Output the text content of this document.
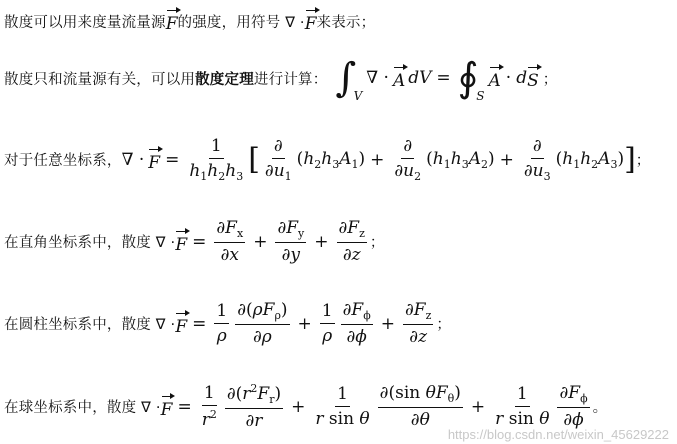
散度可以用来度量流量源 F 的强度，用符号 ∇ · F 来表示；
散度只和流量源有关，可以用 散度定理 进行计算： ∫
V
∇ · A dV = ∮
S
A · d S ；
对于任意坐标系， ∇ · $F = \frac{1}{h_1h_2h_3}$ [ $\frac{\partial}{\partial u_1} (h_2h_3A_1) + \frac{\partial}{\partial u_2} (h_1h_3A_2) + \frac{\partial}{\partial u_3} (h_1h_2A_3)$ ] ；
在直角坐标系中，散度 ∇ · $F = \frac{\partial F_x}{\partial x} + \frac{\partial F_y}{\partial y} + \frac{\partial F_z}{\partial z}$ ；
在圆柱坐标系中，散度 ∇ · $F = \frac{1}{\rho} \frac{\partial(\rho F_\rho)}{\partial\rho} + \frac{1}{\rho} \frac{\partial F_\phi}{\partial\phi} + \frac{\partial F_z}{\partial z}$ ；
在球坐标系中，散度 ∇ · $F = \frac{1}{r^2} \frac{\partial(r^2F_r)}{\partial r} + \frac{1}{\text{r sin θ}} \frac{\partial(\sin \theta F_\theta)}{\partial\theta} + \frac{1}{\text{r sin θ}} \frac{\partial F_\phi}{\partial\phi}$ 。
https://blog.csdn.net/weixin_45629222
